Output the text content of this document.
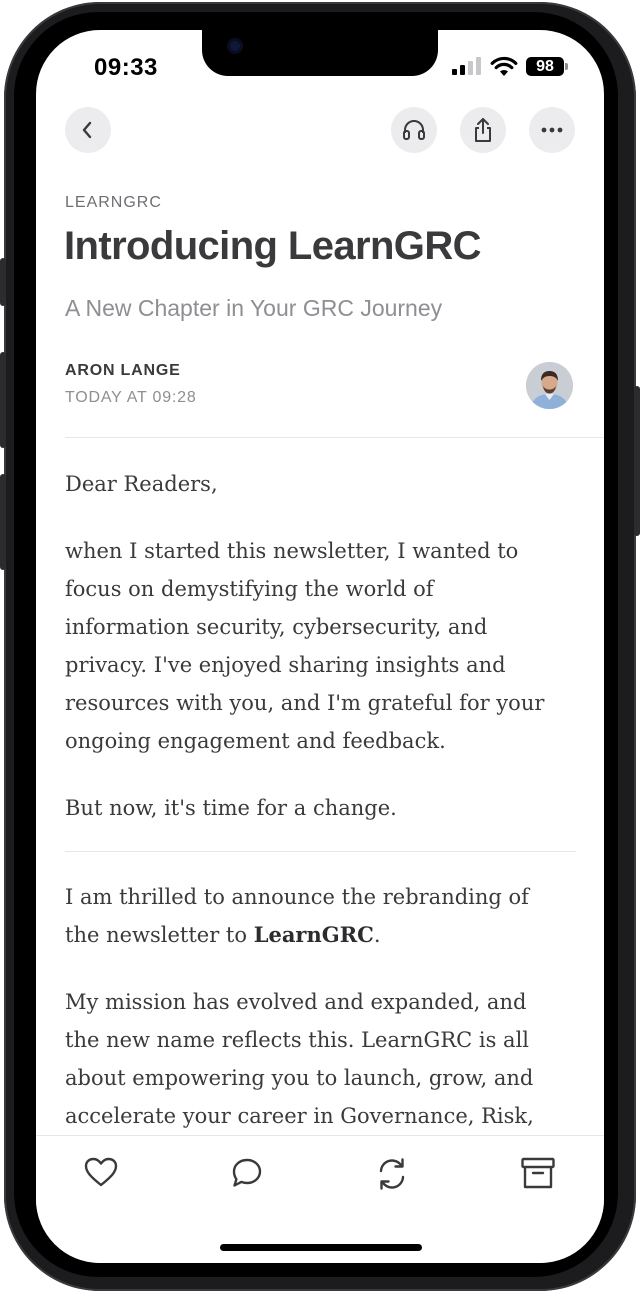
09:33	98
LEARNGRC
Introducing LearnGRC
A New Chapter in Your GRC Journey
ARON LANGE
TODAY AT 09:28
Dear Readers,
when I started this newsletter, I wanted to
focus on demystifying the world of
information security, cybersecurity, and
privacy. I've enjoyed sharing insights and
resources with you, and I'm grateful for your
ongoing engagement and feedback.
But now, it's time for a change.
I am thrilled to announce the rebranding of
the newsletter to LearnGRC.
My mission has evolved and expanded, and
the new name reflects this. LearnGRC is all
about empowering you to launch, grow, and
accelerate your career in Governance, Risk,
